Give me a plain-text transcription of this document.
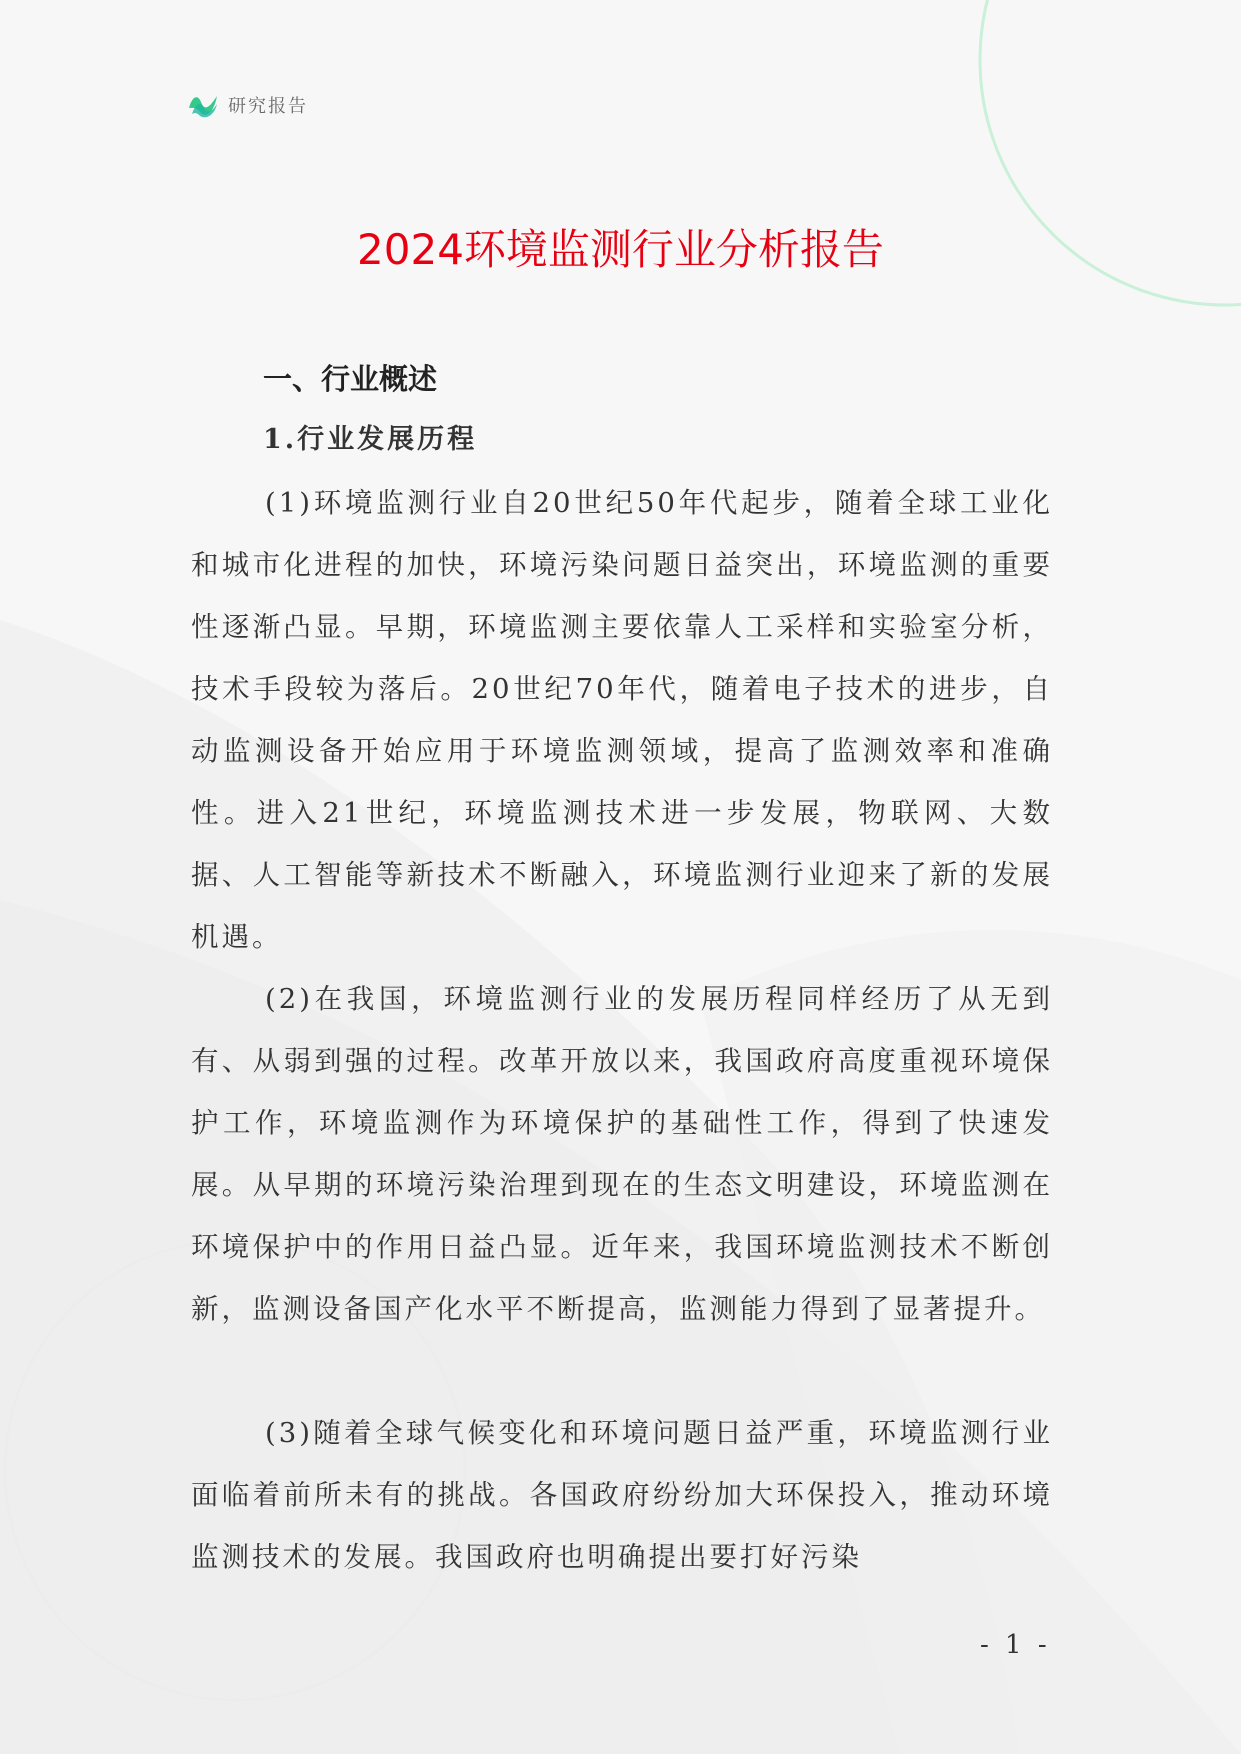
研究报告
2024环境监测行业分析报告
一、行业概述
1.行业发展历程

(1)环境监测行业自20世纪50年代起步，随着全球工业化和城市化进程的加快，环境污染问题日益突出，环境监测的重要性逐渐凸显。早期，环境监测主要依靠人工采样和实验室分析，技术手段较为落后。20世纪70年代，随着电子技术的进步，自动监测设备开始应用于环境监测领域，提高了监测效率和准确性。进入21世纪，环境监测技术进一步发展，物联网、大数据、人工智能等新技术不断融入，环境监测行业迎来了新的发展机遇。

(2)在我国，环境监测行业的发展历程同样经历了从无到有、从弱到强的过程。改革开放以来，我国政府高度重视环境保护工作，环境监测作为环境保护的基础性工作，得到了快速发展。从早期的环境污染治理到现在的生态文明建设，环境监测在环境保护中的作用日益凸显。近年来，我国环境监测技术不断创新，监测设备国产化水平不断提高，监测能力得到了显著提升。

(3)随着全球气候变化和环境问题日益严重，环境监测行业面临着前所未有的挑战。各国政府纷纷加大环保投入，推动环境监测技术的发展。我国政府也明确提出要打好污染

- 1 -
